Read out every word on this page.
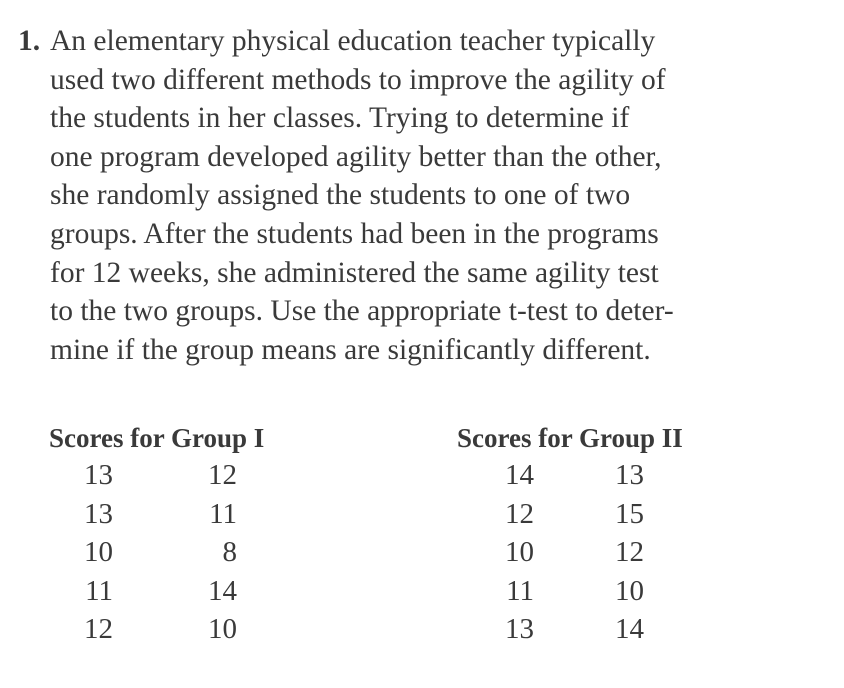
1. An elementary physical education teacher typically
used two different methods to improve the agility of
the students in her classes. Trying to determine if
one program developed agility better than the other,
she randomly assigned the students to one of two
groups. After the students had been in the programs
for 12 weeks, she administered the same agility test
to the two groups. Use the appropriate t-test to deter-
mine if the group means are significantly different.
Scores for Group I
13	12
13	11
10	8
11	14
12	10
Scores for Group II
14	13
12	15
10	12
11	10
13	14
